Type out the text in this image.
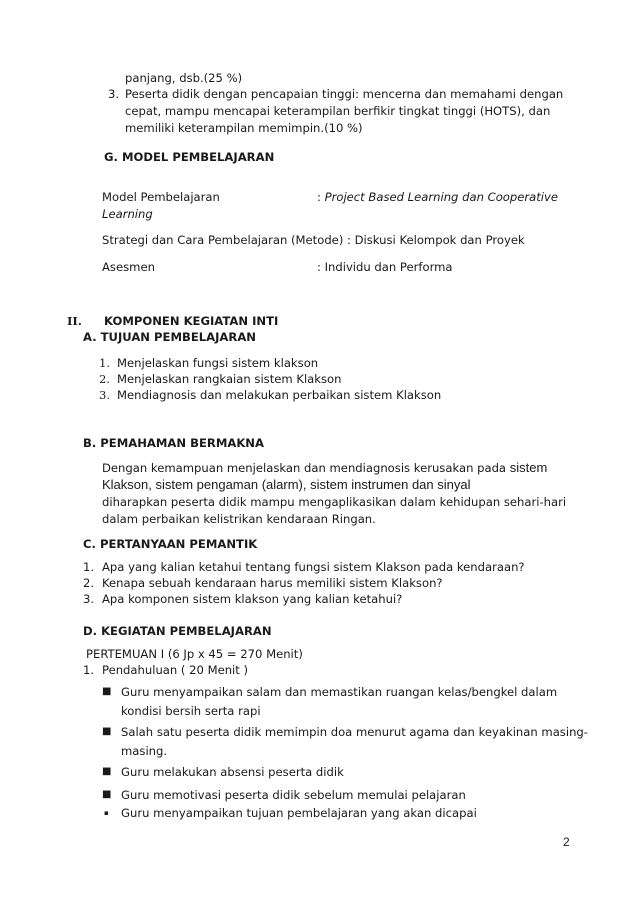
panjang, dsb.(25 %)
3. Peserta didik dengan pencapaian tinggi: mencerna dan memahami dengan
cepat, mampu mencapai keterampilan berfikir tingkat tinggi (HOTS), dan
memiliki keterampilan memimpin.(10 %)
G. MODEL PEMBELAJARAN
Model Pembelajaran	: Project Based Learning dan Cooperative
Learning
Strategi dan Cara Pembelajaran (Metode) : Diskusi Kelompok dan Proyek
Asesmen	: Individu dan Performa
II. KOMPONEN KEGIATAN INTI
A. TUJUAN PEMBELAJARAN
1. Menjelaskan fungsi sistem klakson
2. Menjelaskan rangkaian sistem Klakson
3. Mendiagnosis dan melakukan perbaikan sistem Klakson
B. PEMAHAMAN BERMAKNA
Dengan kemampuan menjelaskan dan mendiagnosis kerusakan pada sistem
Klakson, sistem pengaman (alarm), sistem instrumen dan sinyal
diharapkan peserta didik mampu mengaplikasikan dalam kehidupan sehari-hari
dalam perbaikan kelistrikan kendaraan Ringan.
C. PERTANYAAN PEMANTIK
1. Apa yang kalian ketahui tentang fungsi sistem Klakson pada kendaraan?
2. Kenapa sebuah kendaraan harus memiliki sistem Klakson?
3. Apa komponen sistem klakson yang kalian ketahui?
D. KEGIATAN PEMBELAJARAN
PERTEMUAN I (6 Jp x 45 = 270 Menit)
1. Pendahuluan ( 20 Menit )
■ Guru menyampaikan salam dan memastikan ruangan kelas/bengkel dalam
kondisi bersih serta rapi
■ Salah satu peserta didik memimpin doa menurut agama dan keyakinan masing-
masing.
■ Guru melakukan absensi peserta didik
■ Guru memotivasi peserta didik sebelum memulai pelajaran
▪ Guru menyampaikan tujuan pembelajaran yang akan dicapai
2
